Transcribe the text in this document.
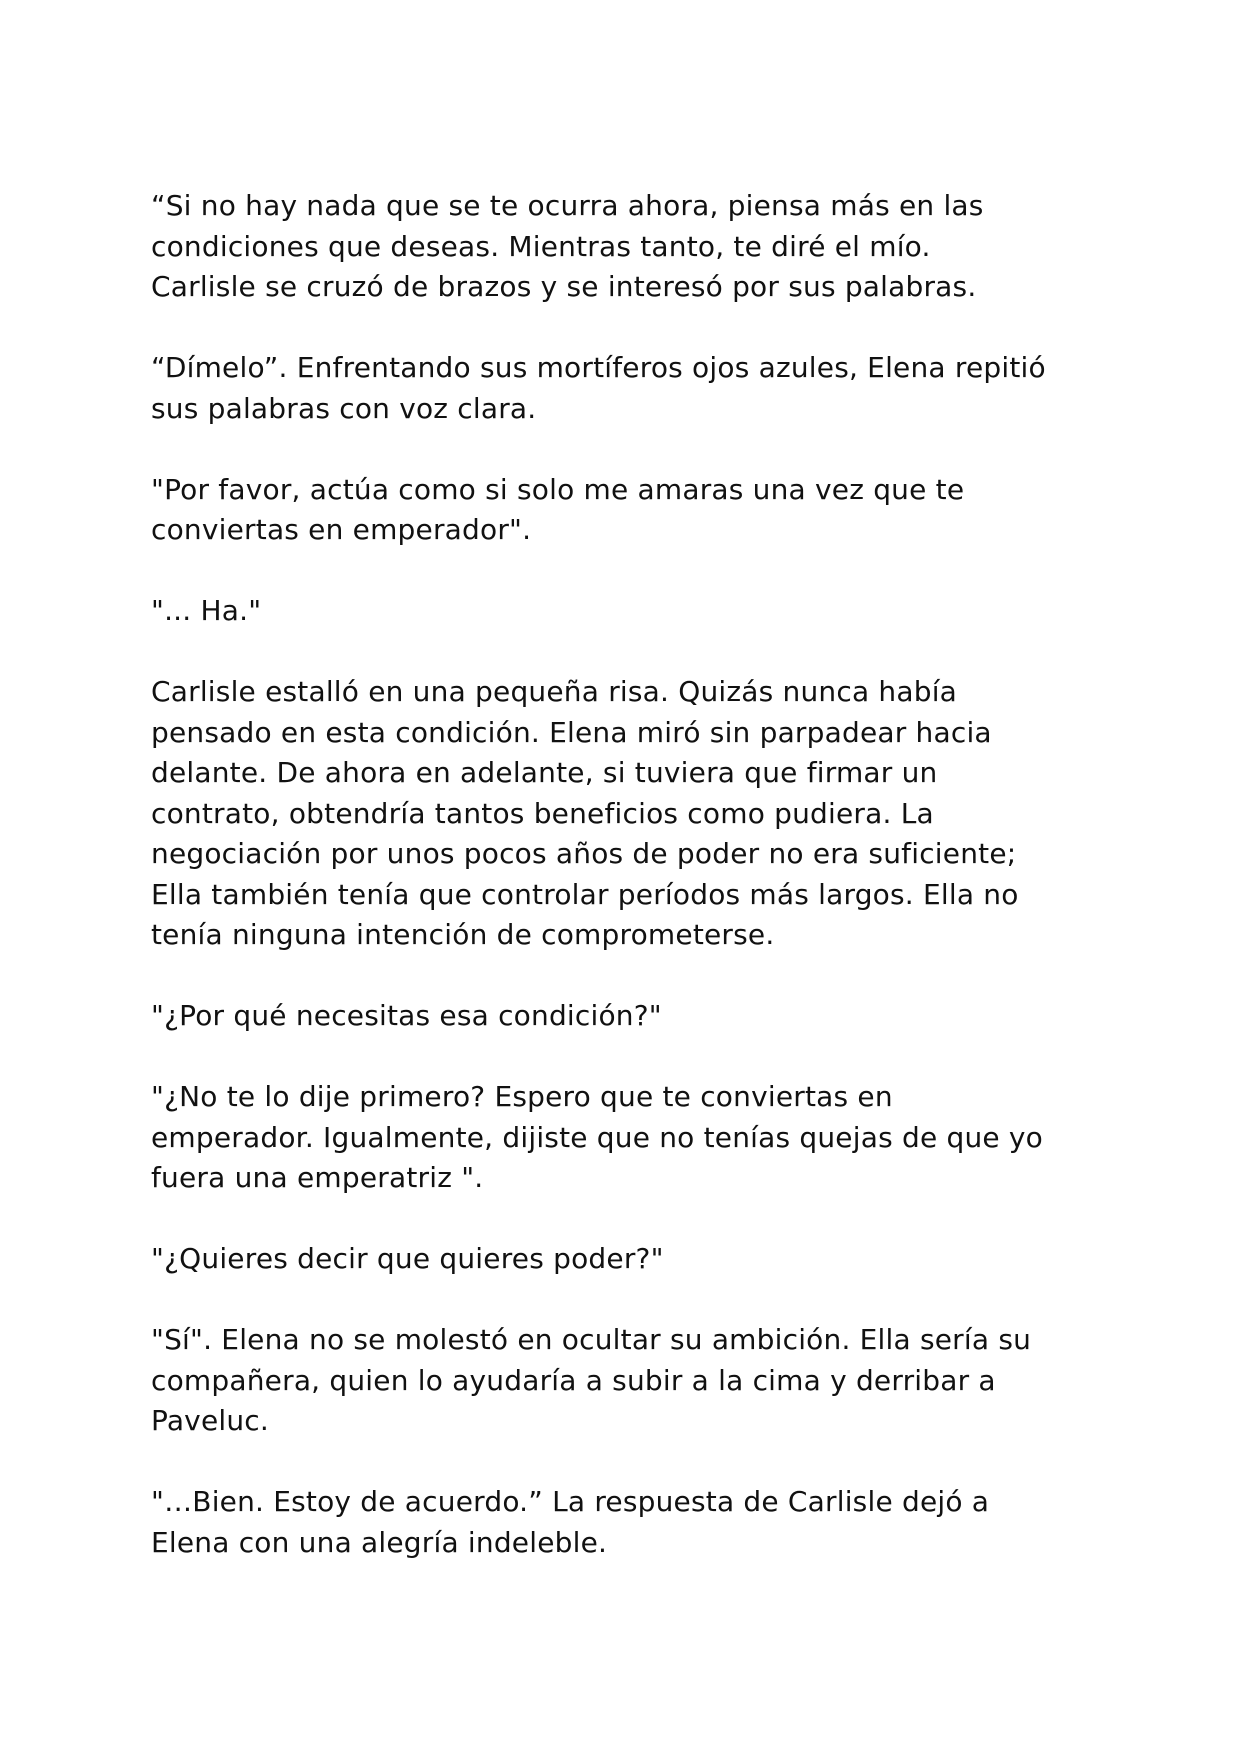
“Si no hay nada que se te ocurra ahora, piensa más en las
condiciones que deseas. Mientras tanto, te diré el mío.
Carlisle se cruzó de brazos y se interesó por sus palabras.

“Dímelo”. Enfrentando sus mortíferos ojos azules, Elena repitió
sus palabras con voz clara.

"Por favor, actúa como si solo me amaras una vez que te
conviertas en emperador".

"... Ha."

Carlisle estalló en una pequeña risa. Quizás nunca había
pensado en esta condición. Elena miró sin parpadear hacia
delante. De ahora en adelante, si tuviera que firmar un
contrato, obtendría tantos beneficios como pudiera. La
negociación por unos pocos años de poder no era suficiente;
Ella también tenía que controlar períodos más largos. Ella no
tenía ninguna intención de comprometerse.

"¿Por qué necesitas esa condición?"

"¿No te lo dije primero? Espero que te conviertas en
emperador. Igualmente, dijiste que no tenías quejas de que yo
fuera una emperatriz ".

"¿Quieres decir que quieres poder?"

"Sí". Elena no se molestó en ocultar su ambición. Ella sería su
compañera, quien lo ayudaría a subir a la cima y derribar a
Paveluc.

"…Bien. Estoy de acuerdo.” La respuesta de Carlisle dejó a
Elena con una alegría indeleble.
